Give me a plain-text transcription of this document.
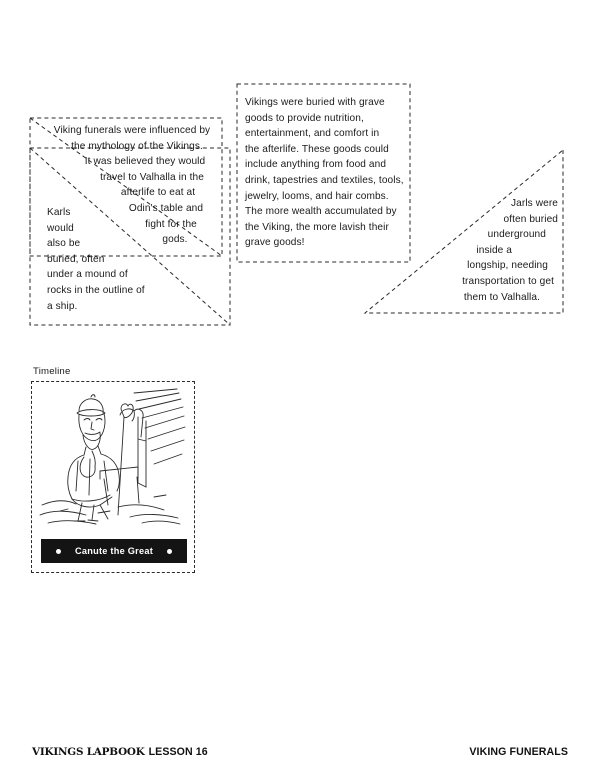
Viking funerals were influenced by
the mythology of the Vikings.
It was believed they would
travel to Valhalla in the
afterlife to eat at
Odin's table and
fight for the
gods.
Karls
would
also be
buried, often
under a mound of
rocks in the outline of
a ship.
Vikings were buried with grave
goods to provide nutrition,
entertainment, and comfort in
the afterlife. These goods could
include anything from food and
drink, tapestries and textiles, tools,
jewelry, looms, and hair combs.
The more wealth accumulated by
the Viking, the more lavish their
grave goods!
Jarls were
often buried
underground
inside a
longship, needing
transportation to get
them to Valhalla.
Timeline
Canute the Great
VIKINGS LAPBOOK LESSON 16	VIKING FUNERALS
